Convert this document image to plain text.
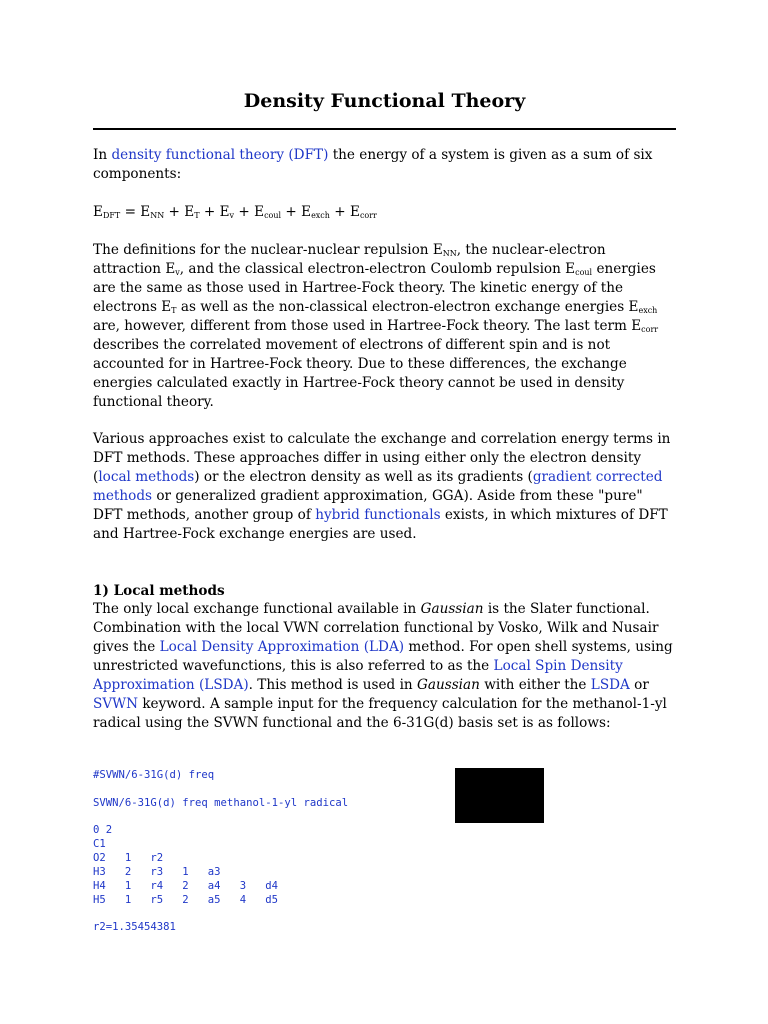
Density Functional Theory

In density functional theory (DFT) the energy of a system is given as a sum of six components:

$E_{DFT} = E_{NN} + E_T + E_v + E_{coul} + E_{exch} + E_{corr}$

The definitions for the nuclear-nuclear repulsion $E_{NN}$, the nuclear-electron attraction $E_v$, and the classical electron-electron Coulomb repulsion $E_{coul}$ energies are the same as those used in Hartree-Fock theory. The kinetic energy of the electrons $E_T$ as well as the non-classical electron-electron exchange energies $E_{exch}$ are, however, different from those used in Hartree-Fock theory. The last term $E_{corr}$ describes the correlated movement of electrons of different spin and is not accounted for in Hartree-Fock theory. Due to these differences, the exchange energies calculated exactly in Hartree-Fock theory cannot be used in density functional theory.

Various approaches exist to calculate the exchange and correlation energy terms in DFT methods. These approaches differ in using either only the electron density (local methods) or the electron density as well as its gradients (gradient corrected methods or generalized gradient approximation, GGA). Aside from these "pure" DFT methods, another group of hybrid functionals exists, in which mixtures of DFT and Hartree-Fock exchange energies are used.

1) Local methods

The only local exchange functional available in Gaussian is the Slater functional. Combination with the local VWN correlation functional by Vosko, Wilk and Nusair gives the Local Density Approximation (LDA) method. For open shell systems, using unrestricted wavefunctions, this is also referred to as the Local Spin Density Approximation (LSDA). This method is used in Gaussian with either the LSDA or SVWN keyword. A sample input for the frequency calculation for the methanol-1-yl radical using the SVWN functional and the 6-31G(d) basis set is as follows:

#SVWN/6-31G(d) freq
SVWN/6-31G(d) freq methanol-1-yl radical
0 2
C1
O2   1   r2
H3   2   r3   1   a3
H4   1   r4   2   a4   3   d4
H5   1   r5   2   a5   4   d5
r2=1.35454381
